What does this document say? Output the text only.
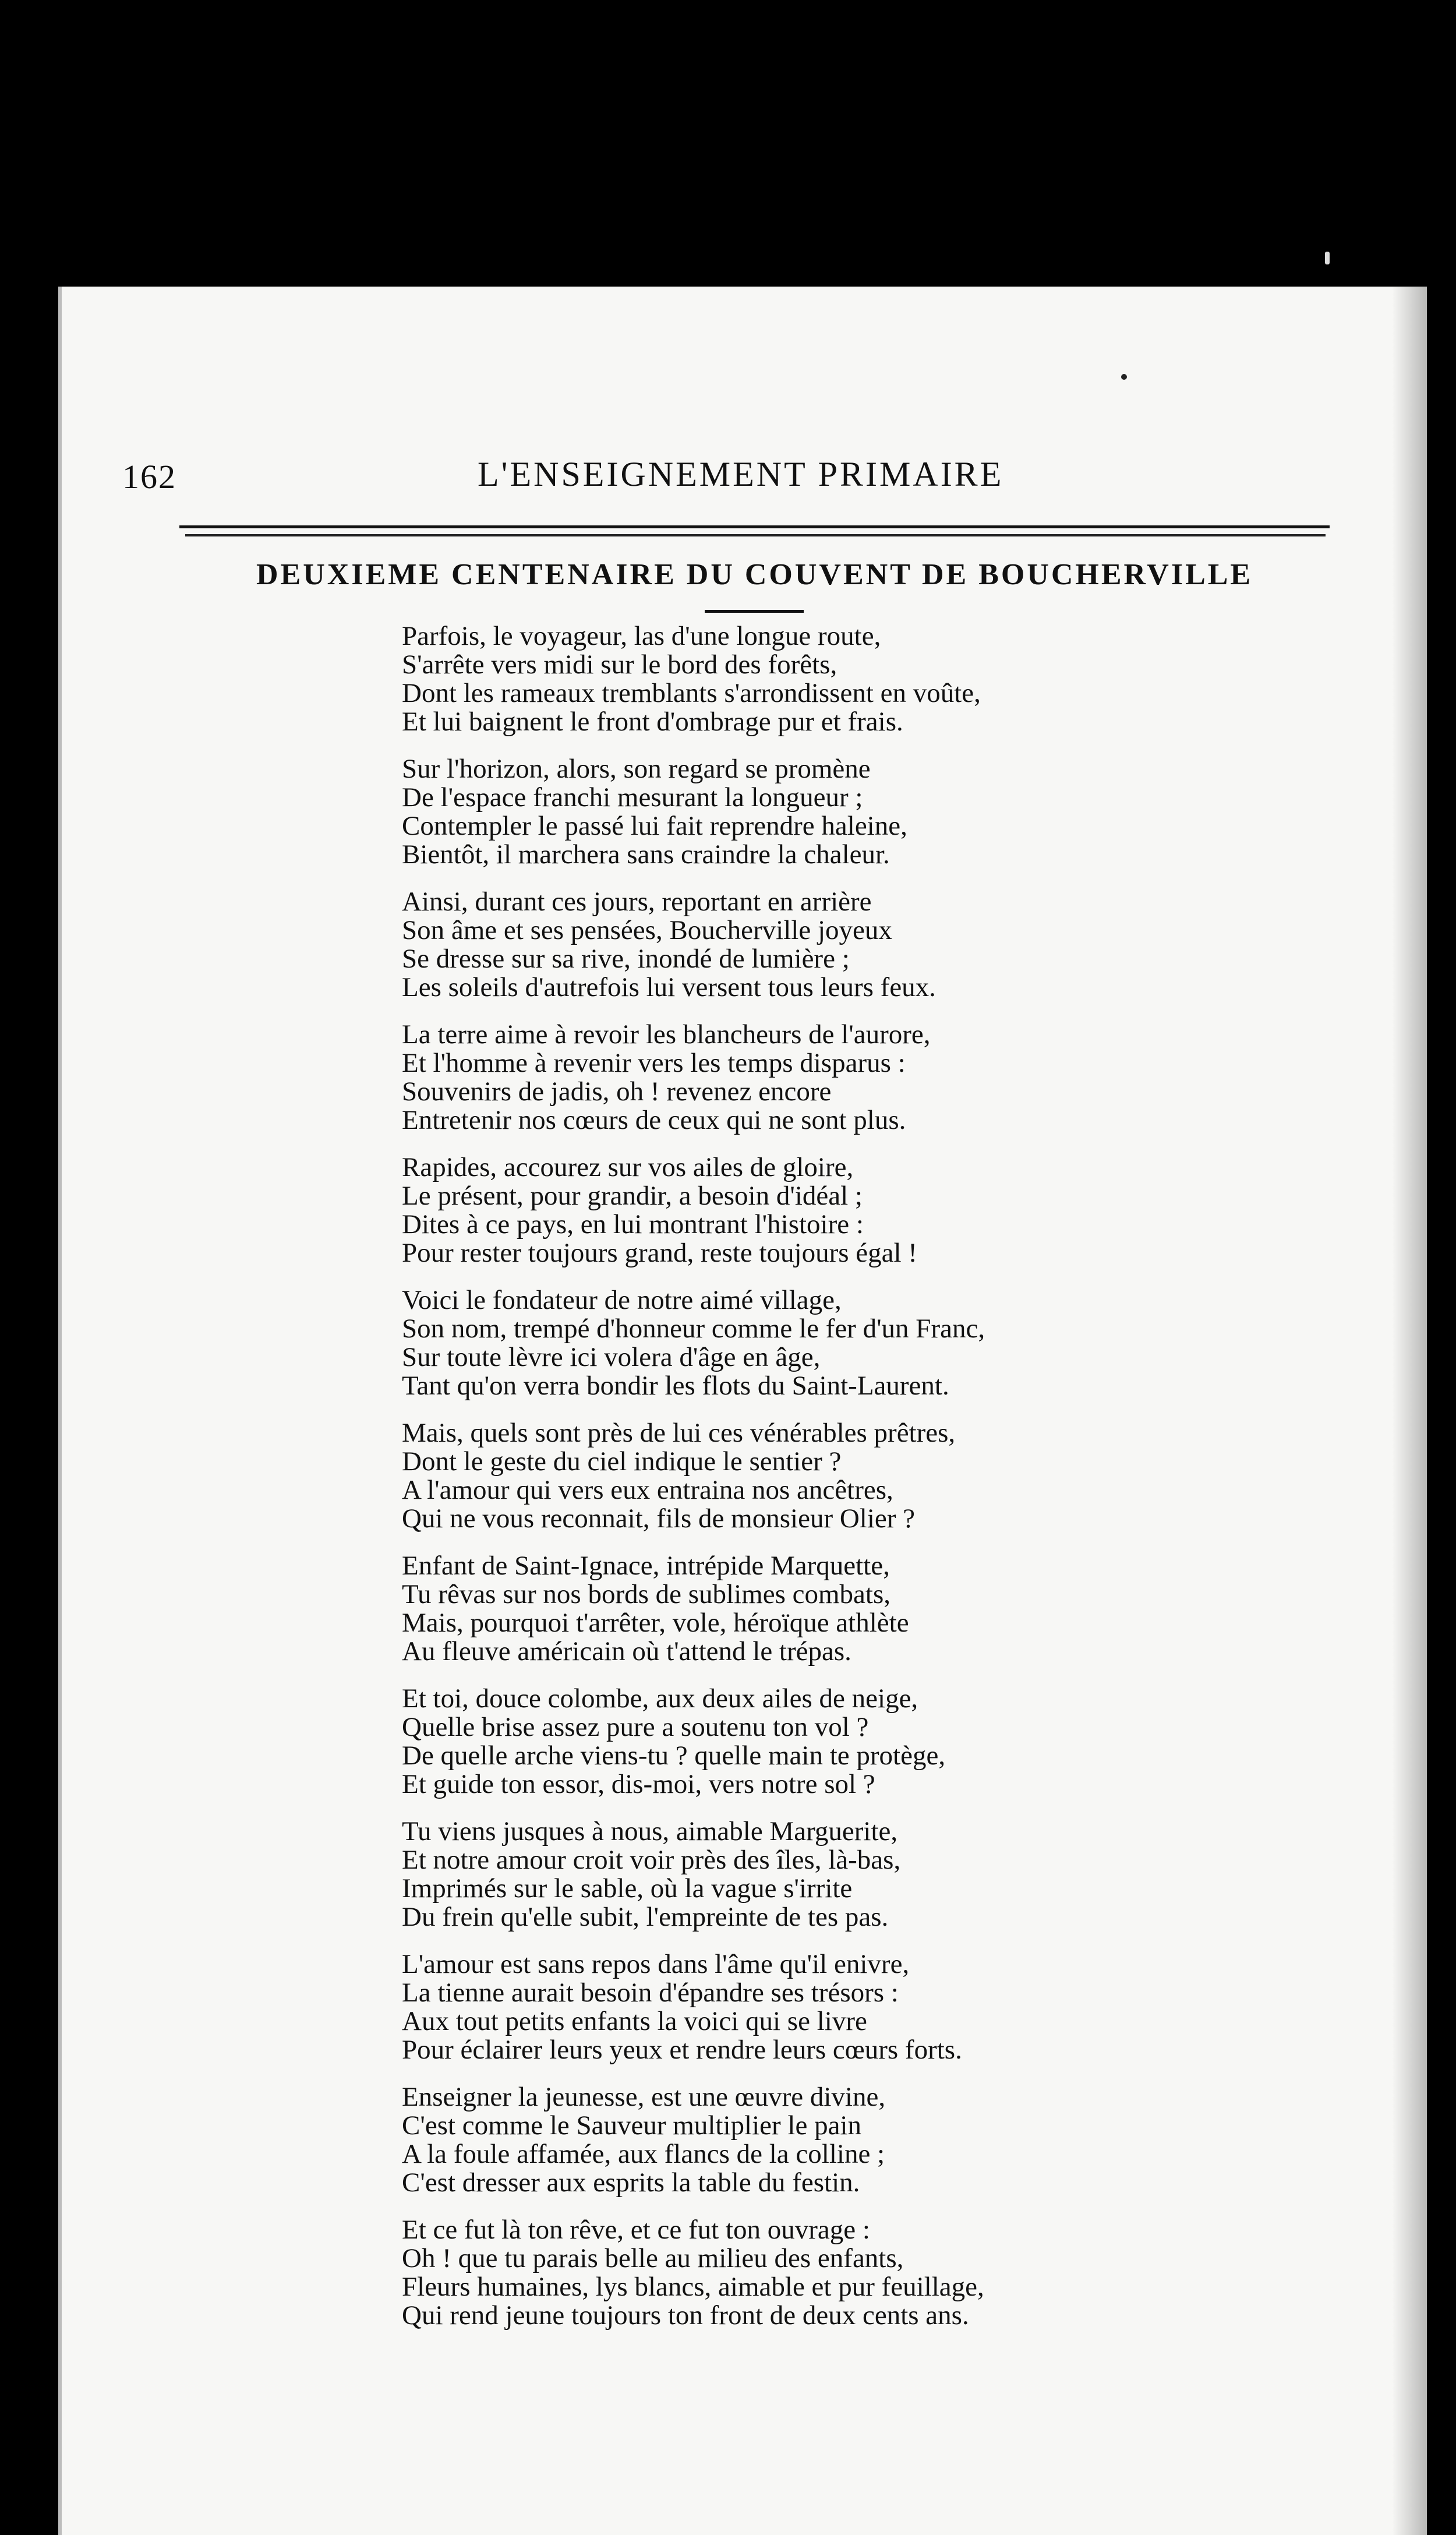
162	L'ENSEIGNEMENT PRIMAIRE
DEUXIEME CENTENAIRE DU COUVENT DE BOUCHERVILLE
Parfois, le voyageur, las d'une longue route,
S'arrête vers midi sur le bord des forêts,
Dont les rameaux tremblants s'arrondissent en voûte,
Et lui baignent le front d'ombrage pur et frais.
Sur l'horizon, alors, son regard se promène
De l'espace franchi mesurant la longueur ;
Contempler le passé lui fait reprendre haleine,
Bientôt, il marchera sans craindre la chaleur.
Ainsi, durant ces jours, reportant en arrière
Son âme et ses pensées, Boucherville joyeux
Se dresse sur sa rive, inondé de lumière ;
Les soleils d'autrefois lui versent tous leurs feux.
La terre aime à revoir les blancheurs de l'aurore,
Et l'homme à revenir vers les temps disparus :
Souvenirs de jadis, oh ! revenez encore
Entretenir nos cœurs de ceux qui ne sont plus.
Rapides, accourez sur vos ailes de gloire,
Le présent, pour grandir, a besoin d'idéal ;
Dites à ce pays, en lui montrant l'histoire :
Pour rester toujours grand, reste toujours égal !
Voici le fondateur de notre aimé village,
Son nom, trempé d'honneur comme le fer d'un Franc,
Sur toute lèvre ici volera d'âge en âge,
Tant qu'on verra bondir les flots du Saint-Laurent.
Mais, quels sont près de lui ces vénérables prêtres,
Dont le geste du ciel indique le sentier ?
A l'amour qui vers eux entraina nos ancêtres,
Qui ne vous reconnait, fils de monsieur Olier ?
Enfant de Saint-Ignace, intrépide Marquette,
Tu rêvas sur nos bords de sublimes combats,
Mais, pourquoi t'arrêter, vole, héroïque athlète
Au fleuve américain où t'attend le trépas.
Et toi, douce colombe, aux deux ailes de neige,
Quelle brise assez pure a soutenu ton vol ?
De quelle arche viens-tu ? quelle main te protège,
Et guide ton essor, dis-moi, vers notre sol ?
Tu viens jusques à nous, aimable Marguerite,
Et notre amour croit voir près des îles, là-bas,
Imprimés sur le sable, où la vague s'irrite
Du frein qu'elle subit, l'empreinte de tes pas.
L'amour est sans repos dans l'âme qu'il enivre,
La tienne aurait besoin d'épandre ses trésors :
Aux tout petits enfants la voici qui se livre
Pour éclairer leurs yeux et rendre leurs cœurs forts.
Enseigner la jeunesse, est une œuvre divine,
C'est comme le Sauveur multiplier le pain
A la foule affamée, aux flancs de la colline ;
C'est dresser aux esprits la table du festin.
Et ce fut là ton rêve, et ce fut ton ouvrage :
Oh ! que tu parais belle au milieu des enfants,
Fleurs humaines, lys blancs, aimable et pur feuillage,
Qui rend jeune toujours ton front de deux cents ans.
